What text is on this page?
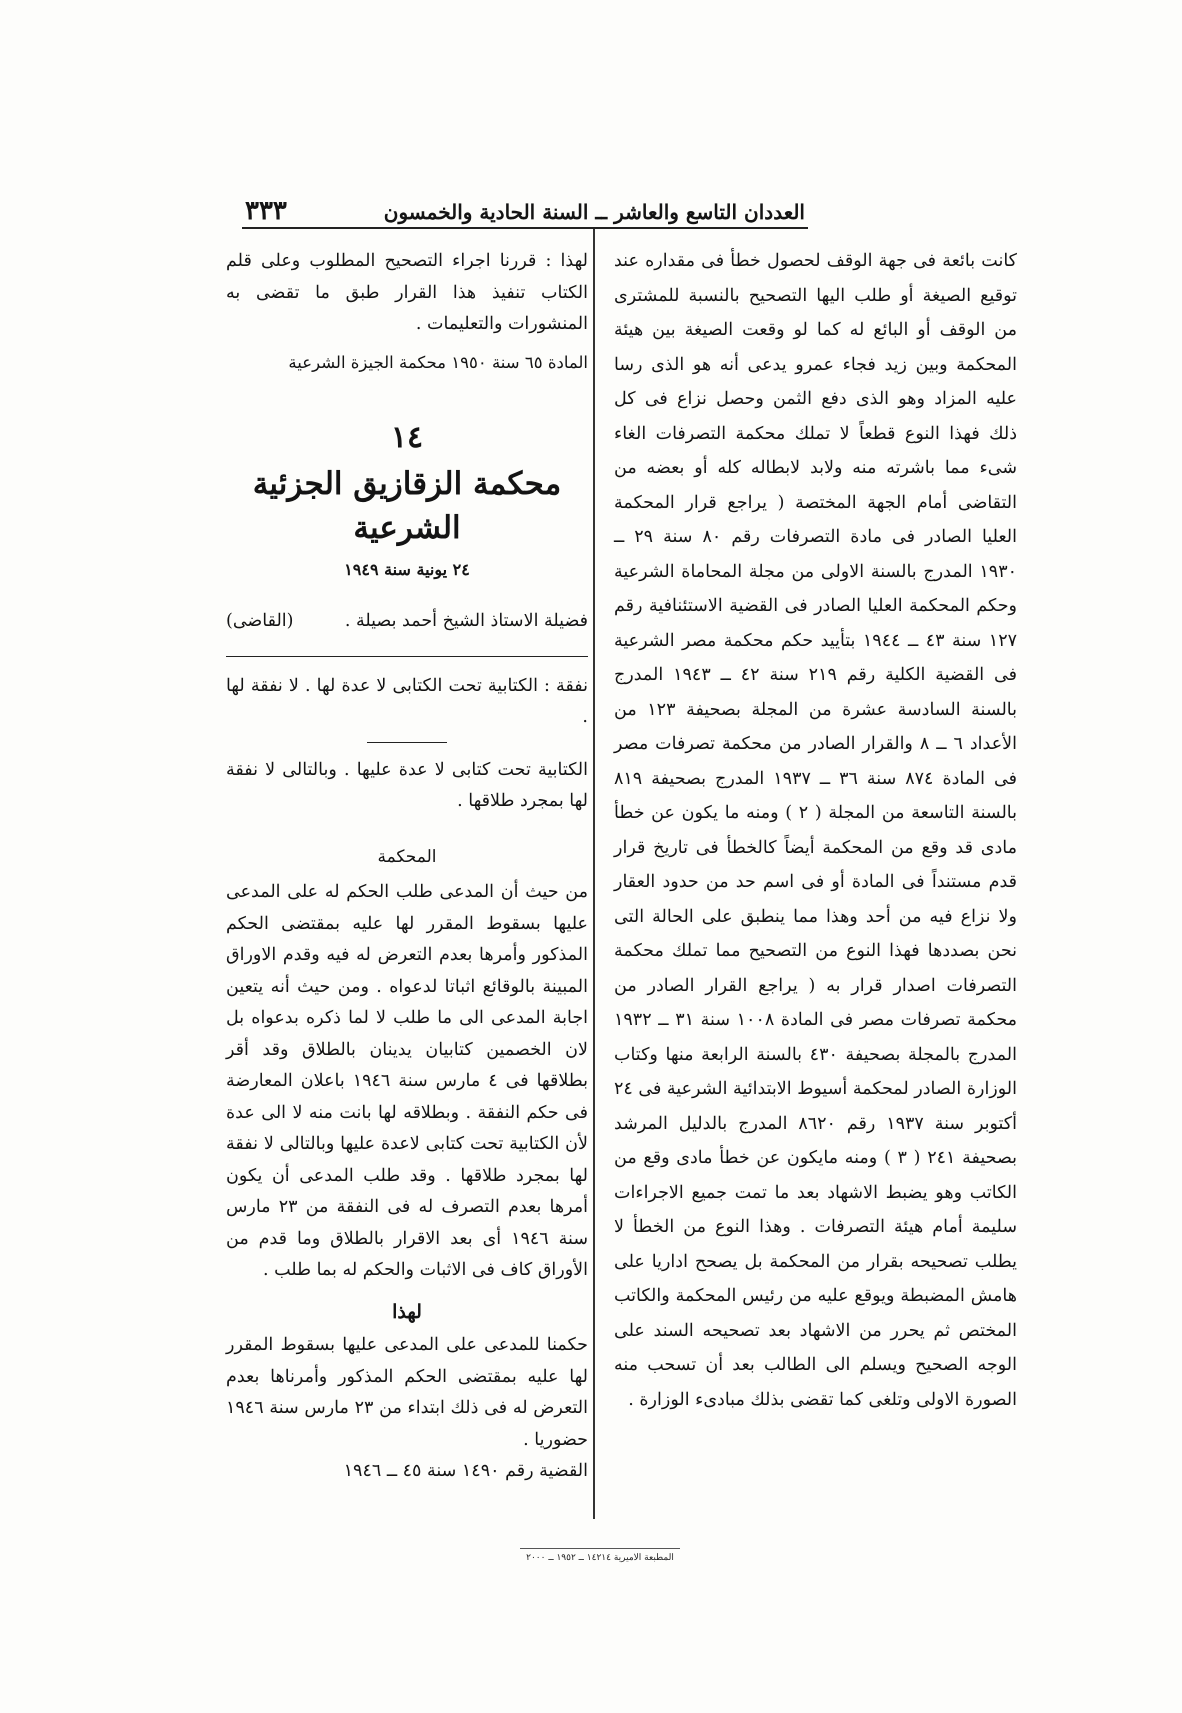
العددان التاسع والعاشر ــ السنة الحادية والخمسون
٣٣٣

كانت بائعة فى جهة الوقف لحصول خطأ فى مقداره عند توقيع الصيغة أو طلب اليها التصحيح بالنسبة للمشترى من الوقف أو البائع له كما لو وقعت الصيغة بين هيئة المحكمة وبين زيد فجاء عمرو يدعى أنه هو الذى رسا عليه المزاد وهو الذى دفع الثمن وحصل نزاع فى كل ذلك فهذا النوع قطعاً لا تملك محكمة التصرفات الغاء شىء مما باشرته منه ولابد لابطاله كله أو بعضه من التقاضى أمام الجهة المختصة ( يراجع قرار المحكمة العليا الصادر فى مادة التصرفات رقم ٨٠ سنة ٢٩ ــ ١٩٣٠ المدرج بالسنة الاولى من مجلة المحاماة الشرعية وحكم المحكمة العليا الصادر فى القضية الاستئنافية رقم ١٢٧ سنة ٤٣ ــ ١٩٤٤ بتأييد حكم محكمة مصر الشرعية فى القضية الكلية رقم ٢١٩ سنة ٤٢ ــ ١٩٤٣ المدرج بالسنة السادسة عشرة من المجلة بصحيفة ١٢٣ من الأعداد ٦ ــ ٨ والقرار الصادر من محكمة تصرفات مصر فى المادة ٨٧٤ سنة ٣٦ ــ ١٩٣٧ المدرج بصحيفة ٨١٩ بالسنة التاسعة من المجلة ( ٢ ) ومنه ما يكون عن خطأ مادى قد وقع من المحكمة أيضاً كالخطأ فى تاريخ قرار قدم مستنداً فى المادة أو فى اسم حد من حدود العقار ولا نزاع فيه من أحد وهذا مما ينطبق على الحالة التى نحن بصددها فهذا النوع من التصحيح مما تملك محكمة التصرفات اصدار قرار به ( يراجع القرار الصادر من محكمة تصرفات مصر فى المادة ١٠٠٨ سنة ٣١ ــ ١٩٣٢ المدرج بالمجلة بصحيفة ٤٣٠ بالسنة الرابعة منها وكتاب الوزارة الصادر لمحكمة أسيوط الابتدائية الشرعية فى ٢٤ أكتوبر سنة ١٩٣٧ رقم ٨٦٢٠ المدرج بالدليل المرشد بصحيفة ٢٤١ ( ٣ ) ومنه مايكون عن خطأ مادى وقع من الكاتب وهو يضبط الاشهاد بعد ما تمت جميع الاجراءات سليمة أمام هيئة التصرفات . وهذا النوع من الخطأ لا يطلب تصحيحه بقرار من المحكمة بل يصحح اداريا على هامش المضبطة ويوقع عليه من رئيس المحكمة والكاتب المختص ثم يحرر من الاشهاد بعد تصحيحه السند على الوجه الصحيح ويسلم الى الطالب بعد أن تسحب منه الصورة الاولى وتلغى كما تقضى بذلك مبادىء الوزارة .

لهذا : قررنا اجراء التصحيح المطلوب وعلى قلم الكتاب تنفيذ هذا القرار طبق ما تقضى به المنشورات والتعليمات .

المادة ٦٥ سنة ١٩٥٠ محكمة الجيزة الشرعية

١٤

محكمة الزقازيق الجزئية الشرعية

٢٤ يونية سنة ١٩٤٩

فضيلة الاستاذ الشيخ أحمد بصيلة .
(القاضى)

نفقة : الكتابية تحت الكتابى لا عدة لها . لا نفقة لها .

الكتابية تحت كتابى لا عدة عليها . وبالتالى لا نفقة لها بمجرد طلاقها .

المحكمة

من حيث أن المدعى طلب الحكم له على المدعى عليها بسقوط المقرر لها عليه بمقتضى الحكم المذكور وأمرها بعدم التعرض له فيه وقدم الاوراق المبينة بالوقائع اثباتا لدعواه . ومن حيث أنه يتعين اجابة المدعى الى ما طلب لا لما ذكره بدعواه بل لان الخصمين كتابيان يدينان بالطلاق وقد أقر بطلاقها فى ٤ مارس سنة ١٩٤٦ باعلان المعارضة فى حكم النفقة . وبطلاقه لها بانت منه لا الى عدة لأن الكتابية تحت كتابى لاعدة عليها وبالتالى لا نفقة لها بمجرد طلاقها . وقد طلب المدعى أن يكون أمرها بعدم التصرف له فى النفقة من ٢٣ مارس سنة ١٩٤٦ أى بعد الاقرار بالطلاق وما قدم من الأوراق كاف فى الاثبات والحكم له بما طلب .

لهذا

حكمنا للمدعى على المدعى عليها بسقوط المقرر لها عليه بمقتضى الحكم المذكور وأمرناها بعدم التعرض له فى ذلك ابتداء من ٢٣ مارس سنة ١٩٤٦ حضوريا .

القضية رقم ١٤٩٠ سنة ٤٥ ــ ١٩٤٦

المطبعة الاميرية ١٤٢١٤ ــ ١٩٥٢ ــ ٢٠٠٠
